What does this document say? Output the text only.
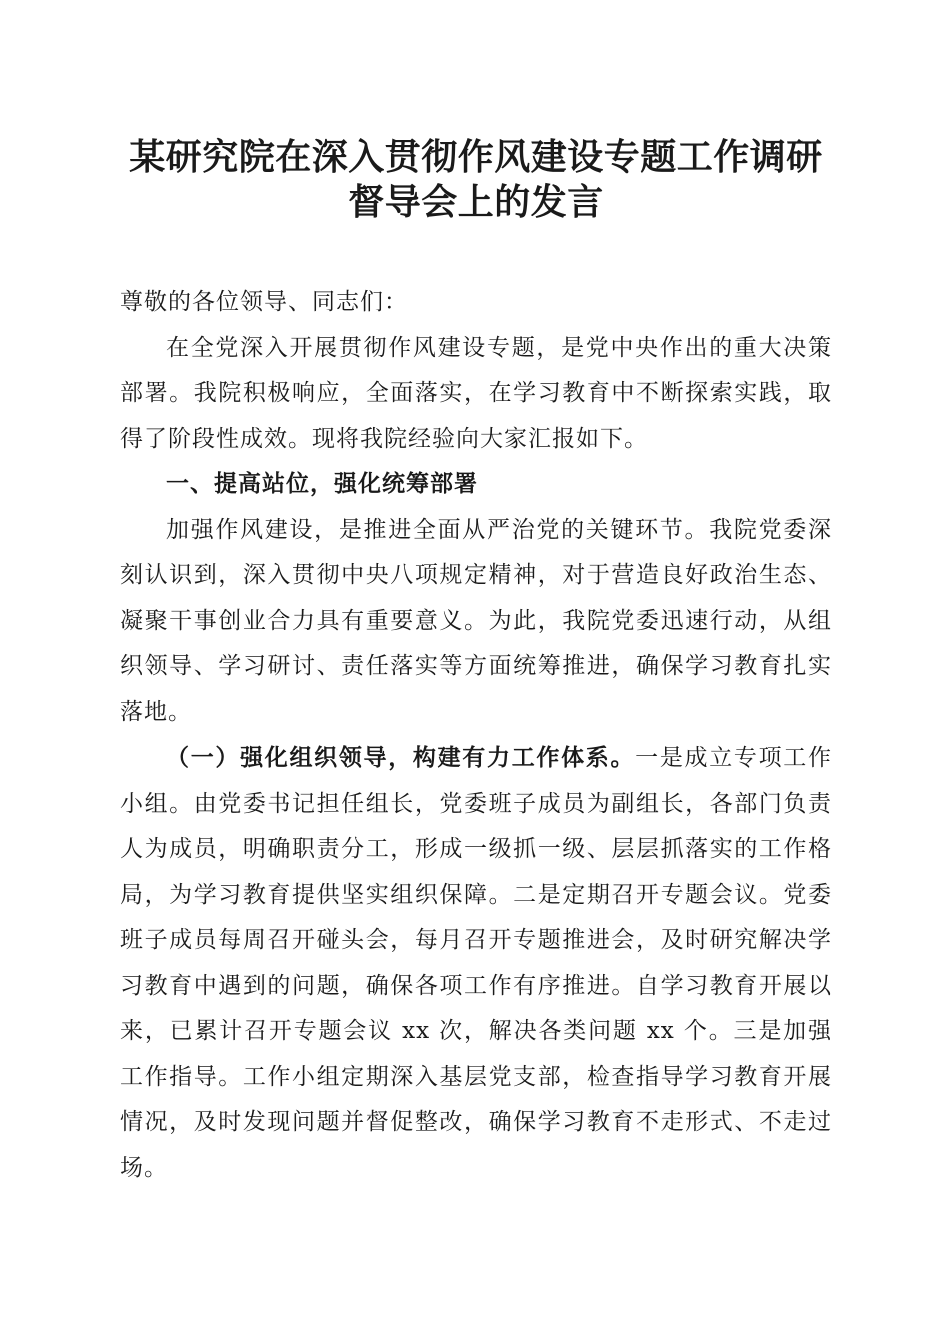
某研究院在深入贯彻作风建设专题工作调研督导会上的发言

尊敬的各位领导、同志们：

在全党深入开展贯彻作风建设专题，是党中央作出的重大决策部署。我院积极响应，全面落实，在学习教育中不断探索实践，取得了阶段性成效。现将我院经验向大家汇报如下。

一、提高站位，强化统筹部署

加强作风建设，是推进全面从严治党的关键环节。我院党委深刻认识到，深入贯彻中央八项规定精神，对于营造良好政治生态、凝聚干事创业合力具有重要意义。为此，我院党委迅速行动，从组织领导、学习研讨、责任落实等方面统筹推进，确保学习教育扎实落地。

（一）强化组织领导，构建有力工作体系。一是成立专项工作小组。由党委书记担任组长，党委班子成员为副组长，各部门负责人为成员，明确职责分工，形成一级抓一级、层层抓落实的工作格局，为学习教育提供坚实组织保障。二是定期召开专题会议。党委班子成员每周召开碰头会，每月召开专题推进会，及时研究解决学习教育中遇到的问题，确保各项工作有序推进。自学习教育开展以来，已累计召开专题会议 xx 次，解决各类问题 xx 个。三是加强工作指导。工作小组定期深入基层党支部，检查指导学习教育开展情况，及时发现问题并督促整改，确保学习教育不走形式、不走过场。
